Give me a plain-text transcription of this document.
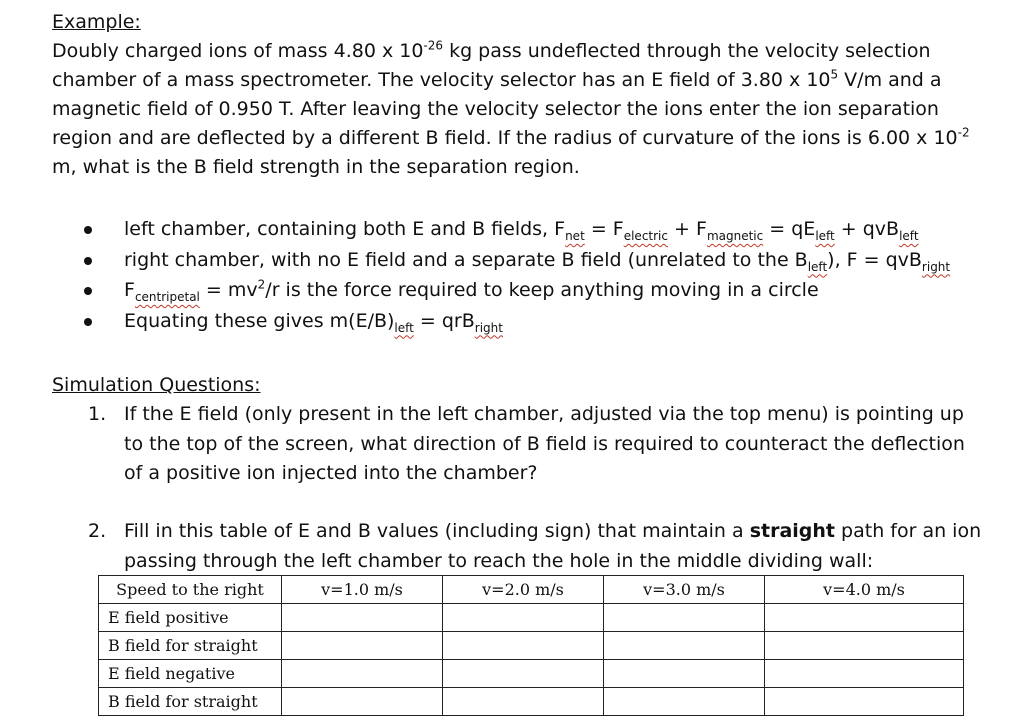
Example:

Doubly charged ions of mass 4.80 x $10^{-26}$ kg pass undeflected through the velocity selection

chamber of a mass spectrometer. The velocity selector has an E field of 3.80 x $10^5$ V/m and a

magnetic field of 0.950 T. After leaving the velocity selector the ions enter the ion separation

region and are deflected by a different B field. If the radius of curvature of the ions is 6.00 x $10^{-2}$

m, what is the B field strength in the separation region.

left chamber, containing both E and B fields, $F_{net} = F_{electric} + F_{magnetic} = qE_{left} + qvB_{left}$
right chamber, with no E field and a separate B field (unrelated to the $B_{left}$), F = qvB$_{right}$
$F_{centripetal} = mv^2/r$ is the force required to keep anything moving in a circle
Equating these gives $m(E/B)_{left} = qrB_{right}$

Simulation Questions:

1. If the E field (only present in the left chamber, adjusted via the top menu) is pointing up to the top of the screen, what direction of B field is required to counteract the deflection of a positive ion injected into the chamber?
2. Fill in this table of E and B values (including sign) that maintain a straight path for an ion passing through the left chamber to reach the hole in the middle dividing wall:
Speed to the right	v=1.0 m/s	v=2.0 m/s	v=3.0 m/s	v=4.0 m/s
E field positive				
B field for straight				
E field negative				
B field for straight				
